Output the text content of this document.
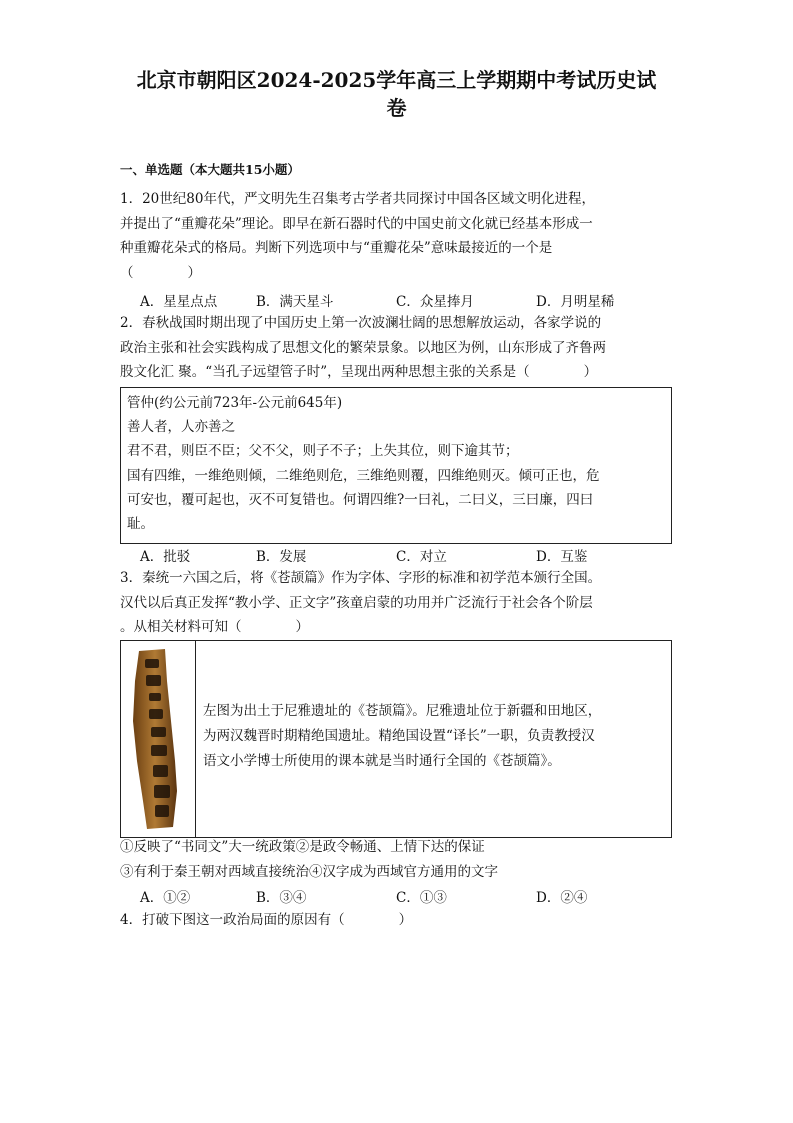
北京市朝阳区2024-2025学年高三上学期期中考试历史试
卷
一、单选题（本大题共15小题）
1．20世纪80年代，严文明先生召集考古学者共同探讨中国各区域文明化进程，
并提出了“重瓣花朵”理论。即早在新石器时代的中国史前文化就已经基本形成一
种重瓣花朵式的格局。判断下列选项中与“重瓣花朵”意味最接近的一个是
（　　　　）
A．星星点点	B．满天星斗	C．众星捧月	D．月明星稀
2．春秋战国时期出现了中国历史上第一次波澜壮阔的思想解放运动，各家学说的
政治主张和社会实践构成了思想文化的繁荣景象。以地区为例，山东形成了齐鲁两
股文化汇 聚。“当孔子远望管子时”，呈现出两种思想主张的关系是（　　　　）
管仲(约公元前723年-公元前645年)
善人者，人亦善之
君不君，则臣不臣；父不父，则子不子；上失其位，则下逾其节；
国有四维，一维绝则倾，二维绝则危，三维绝则覆，四维绝则灭。倾可正也，危
可安也，覆可起也，灭不可复错也。何谓四维?一曰礼，二曰义，三曰廉，四曰
耻。
A．批驳	B．发展	C．对立	D．互鉴
3．秦统一六国之后，将《苍颉篇》作为字体、字形的标准和初学范本颁行全国。
汉代以后真正发挥“教小学、正文字”孩童启蒙的功用并广泛流行于社会各个阶层
。从相关材料可知（　　　　）
左图为出土于尼雅遗址的《苍颉篇》。尼雅遗址位于新疆和田地区，
为两汉魏晋时期精绝国遗址。精绝国设置“译长”一职，负责教授汉
语文小学博士所使用的课本就是当时通行全国的《苍颉篇》。
①反映了“书同文”大一统政策②是政令畅通、上情下达的保证
③有利于秦王朝对西域直接统治④汉字成为西域官方通用的文字
A．①②	B．③④	C．①③	D．②④
4．打破下图这一政治局面的原因有（　　　　）
